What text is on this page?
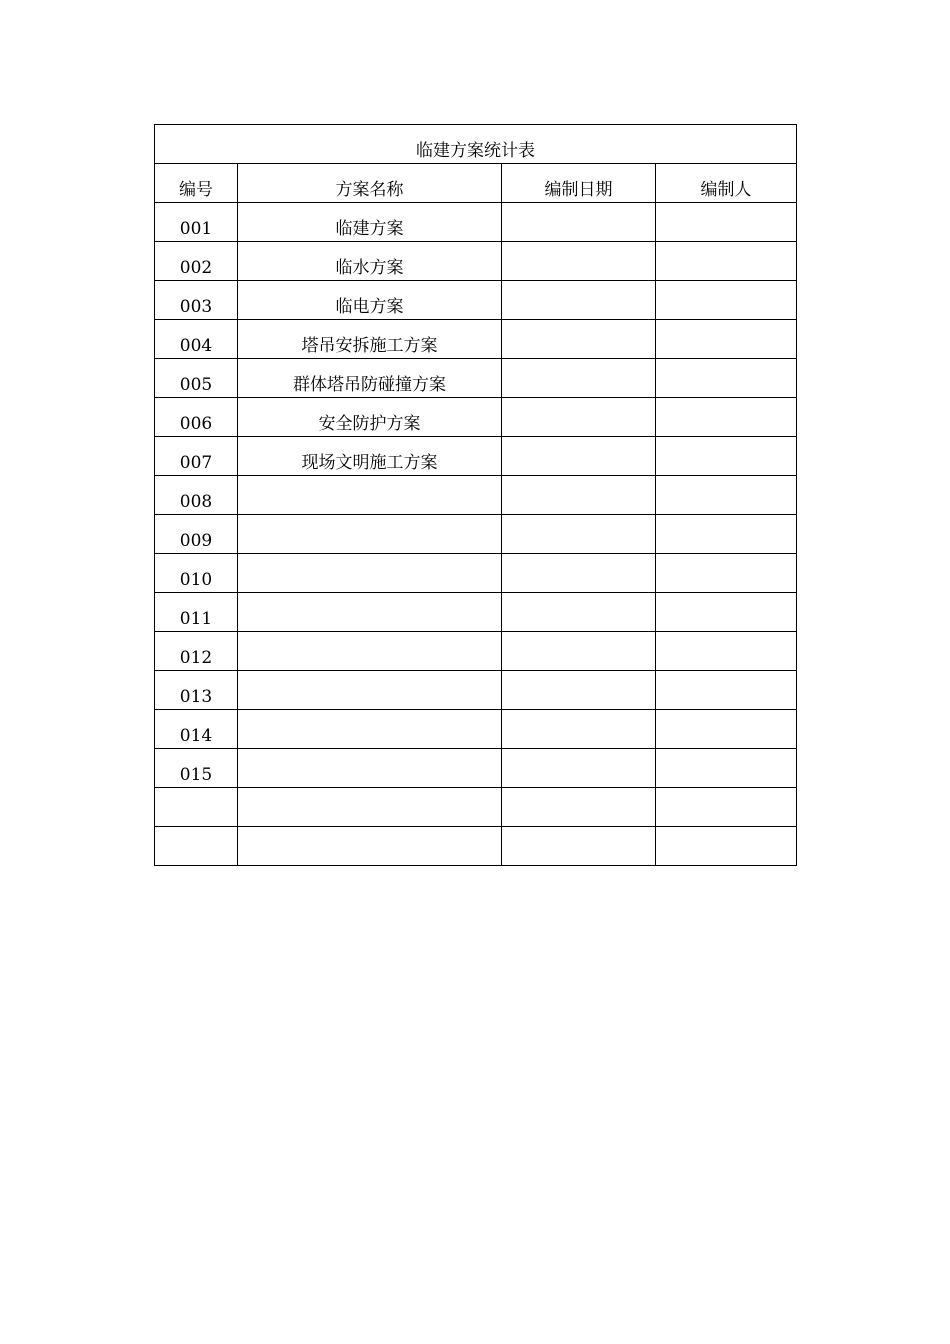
临建方案统计表			
编号	方案名称	编制日期	编制人
001	临建方案		
002	临水方案		
003	临电方案		
004	塔吊安拆施工方案		
005	群体塔吊防碰撞方案		
006	安全防护方案		
007	现场文明施工方案		
008			
009			
010			
011			
012			
013			
014			
015			
